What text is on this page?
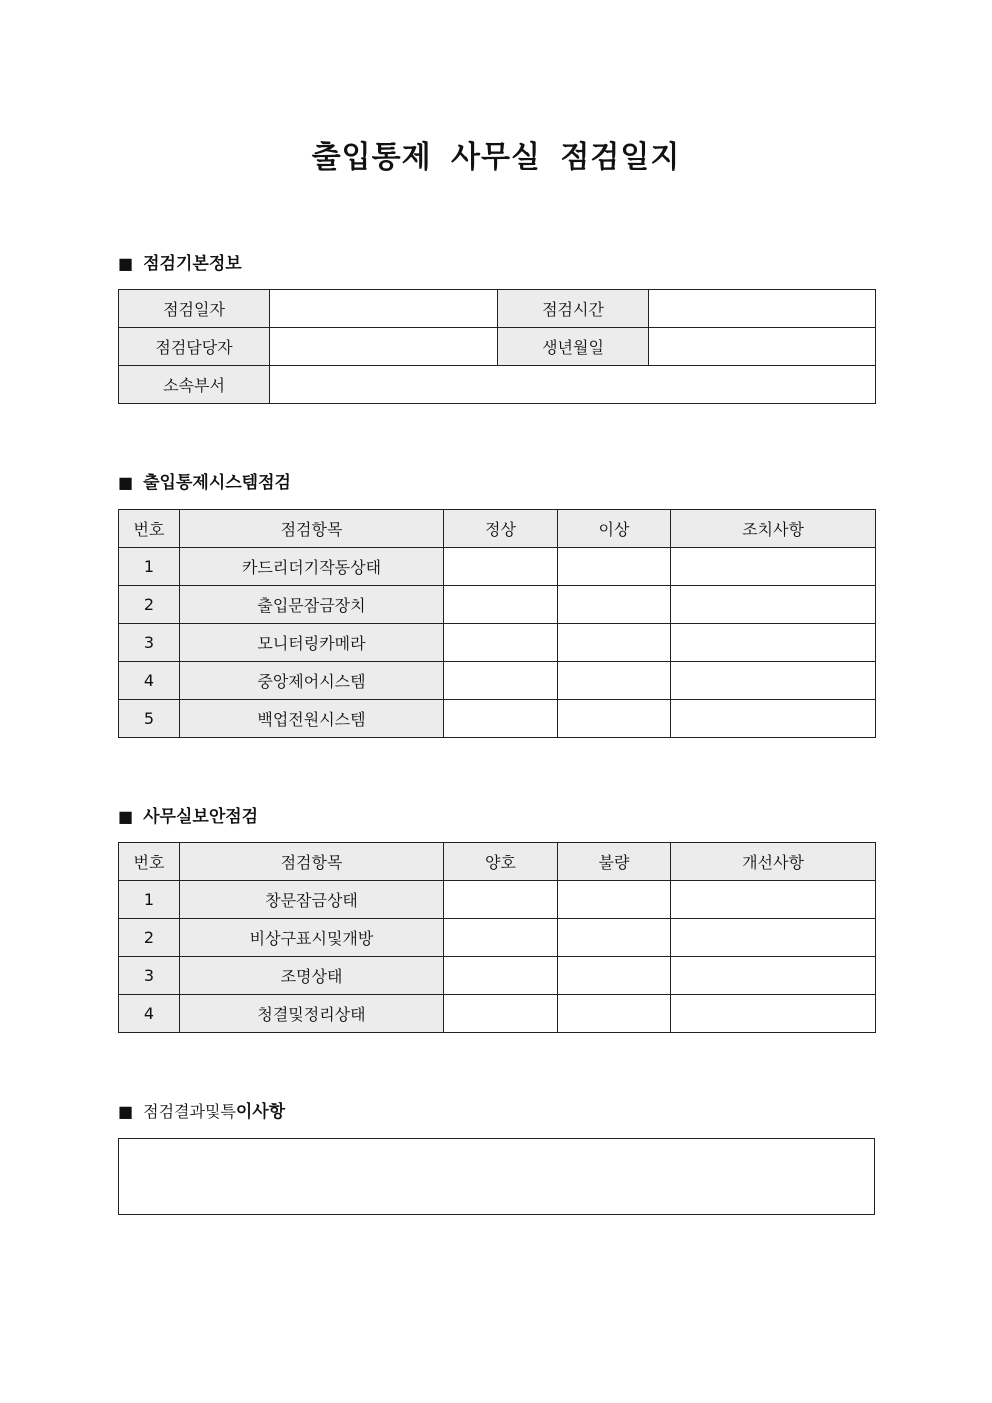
출입통제 사무실 점검일지
■ 점검기본정보
점검일자		점검시간	
점검담당자		생년월일	
소속부서			
■ 출입통제시스템점검
번호	점검항목	정상	이상	조치사항
1	카드리더기작동상태			
2	출입문잠금장치			
3	모니터링카메라			
4	중앙제어시스템			
5	백업전원시스템			
■ 사무실보안점검
번호	점검항목	양호	불량	개선사항
1	창문잠금상태			
2	비상구표시및개방			
3	조명상태			
4	청결및정리상태			
■ 점검결과및특이사항
